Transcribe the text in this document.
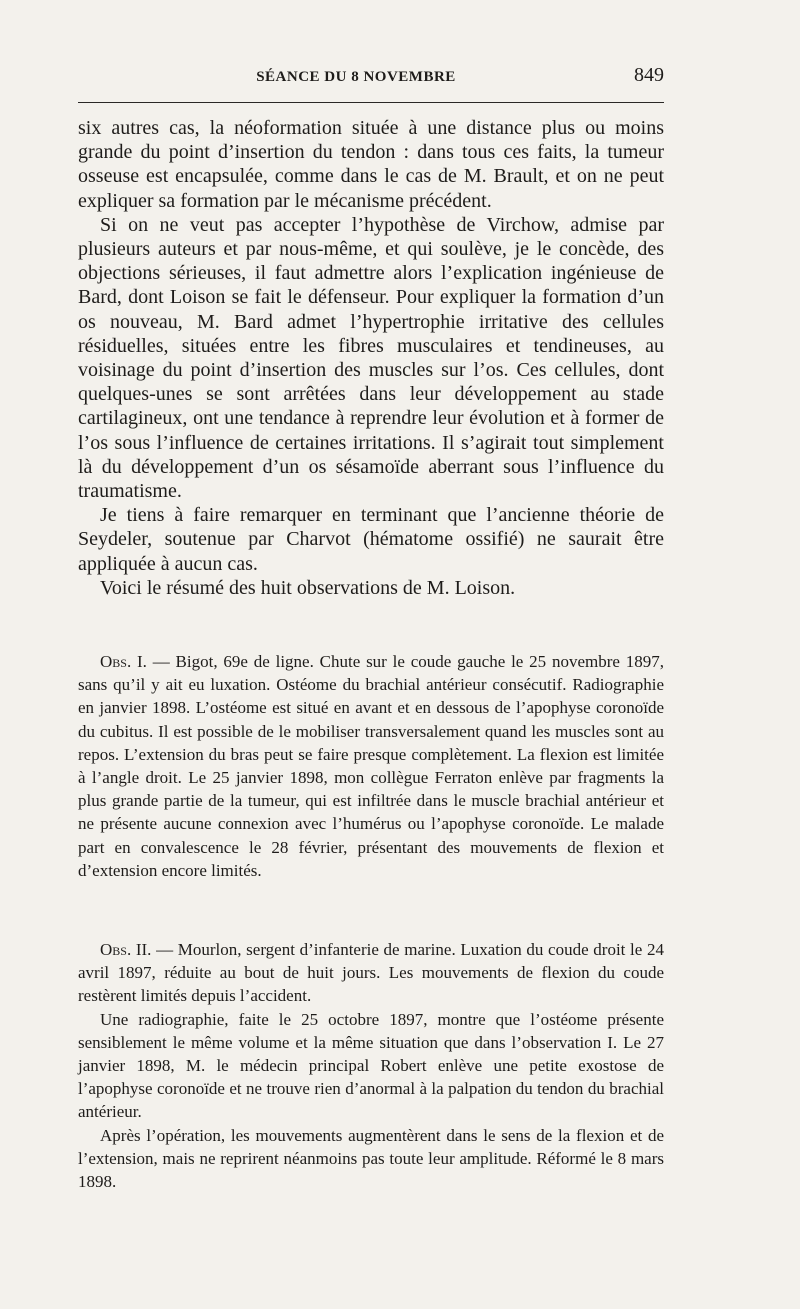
SÉANCE DU 8 NOVEMBRE	849

six autres cas, la néoformation située à une distance plus ou moins grande du point d’insertion du tendon : dans tous ces faits, la tumeur osseuse est encapsulée, comme dans le cas de M. Brault, et on ne peut expliquer sa formation par le mécanisme précédent.

Si on ne veut pas accepter l’hypothèse de Virchow, admise par plusieurs auteurs et par nous-même, et qui soulève, je le concède, des objections sérieuses, il faut admettre alors l’explication ingénieuse de Bard, dont Loison se fait le défenseur. Pour expliquer la formation d’un os nouveau, M. Bard admet l’hypertrophie irritative des cellules résiduelles, situées entre les fibres musculaires et tendineuses, au voisinage du point d’insertion des muscles sur l’os. Ces cellules, dont quelques-unes se sont arrêtées dans leur développement au stade cartilagineux, ont une tendance à reprendre leur évolution et à former de l’os sous l’influence de certaines irritations. Il s’agirait tout simplement là du développement d’un os sésamoïde aberrant sous l’influence du traumatisme.

Je tiens à faire remarquer en terminant que l’ancienne théorie de Seydeler, soutenue par Charvot (hématome ossifié) ne saurait être appliquée à aucun cas.

Voici le résumé des huit observations de M. Loison.

Obs. I. — Bigot, 69e de ligne. Chute sur le coude gauche le 25 novembre 1897, sans qu’il y ait eu luxation. Ostéome du brachial antérieur consécutif. Radiographie en janvier 1898. L’ostéome est situé en avant et en dessous de l’apophyse coronoïde du cubitus. Il est possible de le mobiliser transversalement quand les muscles sont au repos. L’extension du bras peut se faire presque complètement. La flexion est limitée à l’angle droit. Le 25 janvier 1898, mon collègue Ferraton enlève par fragments la plus grande partie de la tumeur, qui est infiltrée dans le muscle brachial antérieur et ne présente aucune connexion avec l’humérus ou l’apophyse coronoïde. Le malade part en convalescence le 28 février, présentant des mouvements de flexion et d’extension encore limités.

Obs. II. — Mourlon, sergent d’infanterie de marine. Luxation du coude droit le 24 avril 1897, réduite au bout de huit jours. Les mouvements de flexion du coude restèrent limités depuis l’accident.

Une radiographie, faite le 25 octobre 1897, montre que l’ostéome présente sensiblement le même volume et la même situation que dans l’observation I. Le 27 janvier 1898, M. le médecin principal Robert enlève une petite exostose de l’apophyse coronoïde et ne trouve rien d’anormal à la palpation du tendon du brachial antérieur.

Après l’opération, les mouvements augmentèrent dans le sens de la flexion et de l’extension, mais ne reprirent néanmoins pas toute leur amplitude. Réformé le 8 mars 1898.
